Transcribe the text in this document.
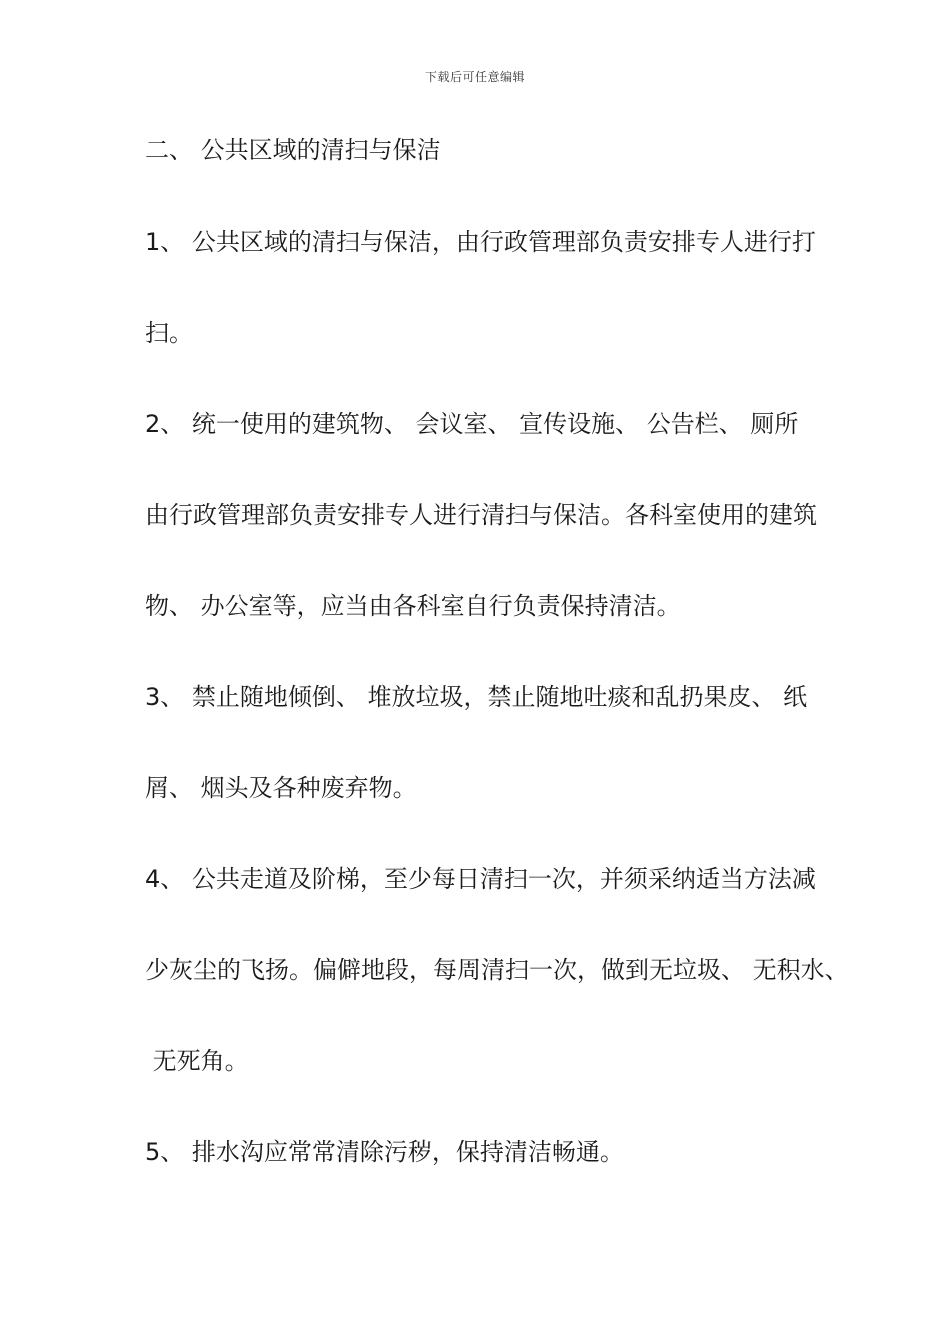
下载后可任意编辑
二、 公共区域的清扫与保洁
1、 公共区域的清扫与保洁，由行政管理部负责安排专人进行打
扫。
2、 统一使用的建筑物、 会议室、 宣传设施、 公告栏、 厕所
由行政管理部负责安排专人进行清扫与保洁。各科室使用的建筑
物、 办公室等，应当由各科室自行负责保持清洁。
3、 禁止随地倾倒、 堆放垃圾，禁止随地吐痰和乱扔果皮、 纸
屑、 烟头及各种废弃物。
4、 公共走道及阶梯，至少每日清扫一次，并须采纳适当方法减
少灰尘的飞扬。偏僻地段，每周清扫一次，做到无垃圾、 无积水、
无死角。
5、 排水沟应常常清除污秽，保持清洁畅通。
